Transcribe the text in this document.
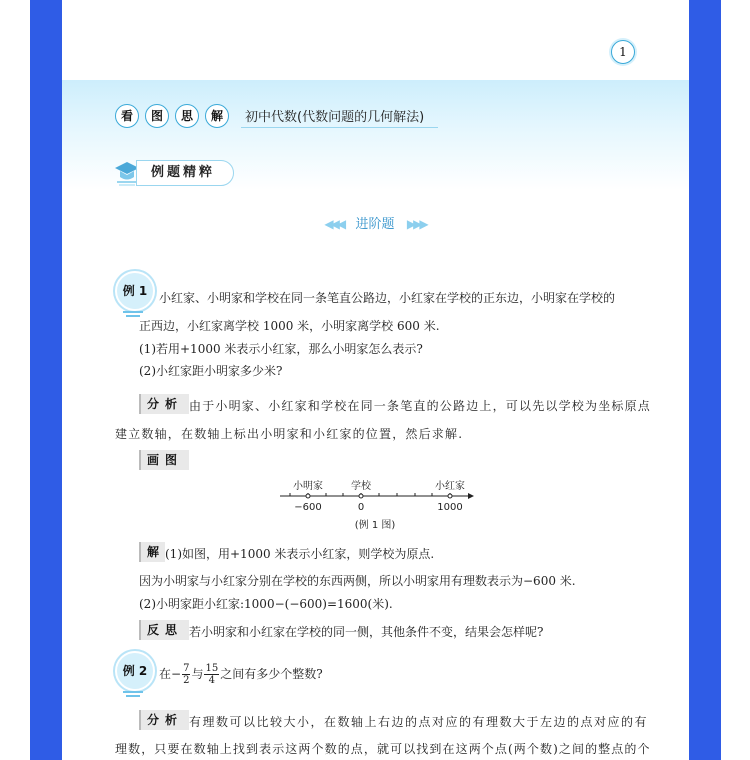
1
看	图	思	解	初中代数(代数问题的几何解法)
例题精粹
◀◀◀ 进阶题 ▶▶▶
例 1 小红家、小明家和学校在同一条笔直公路边，小红家在学校的正东边，小明家在学校的
正西边，小红家离学校 1000 米，小明家离学校 600 米.
(1)若用+1000 米表示小红家，那么小明家怎么表示?
(2)小红家距小明家多少米?
分析 由于小明家、小红家和学校在同一条笔直的公路边上，可以先以学校为坐标原点
建立数轴，在数轴上标出小明家和小红家的位置，然后求解.
画图
小明家	学校	小红家
−600	0	1000
(例 1 图)
解 (1)如图，用+1000 米表示小红家，则学校为原点.
因为小明家与小红家分别在学校的东西两侧，所以小明家用有理数表示为−600 米.
(2)小明家距小红家:1000−(−600)=1600(米).
反思 若小明家和小红家在学校的同一侧，其他条件不变，结果会怎样呢?
例 2 在− $\frac{7}{2}$ 与 $\frac{15}{4}$ 之间有多少个整数?
分析 有理数可以比较大小，在数轴上右边的点对应的有理数大于左边的点对应的有
理数，只要在数轴上找到表示这两个数的点，就可以找到在这两个点(两个数)之间的整点的个
